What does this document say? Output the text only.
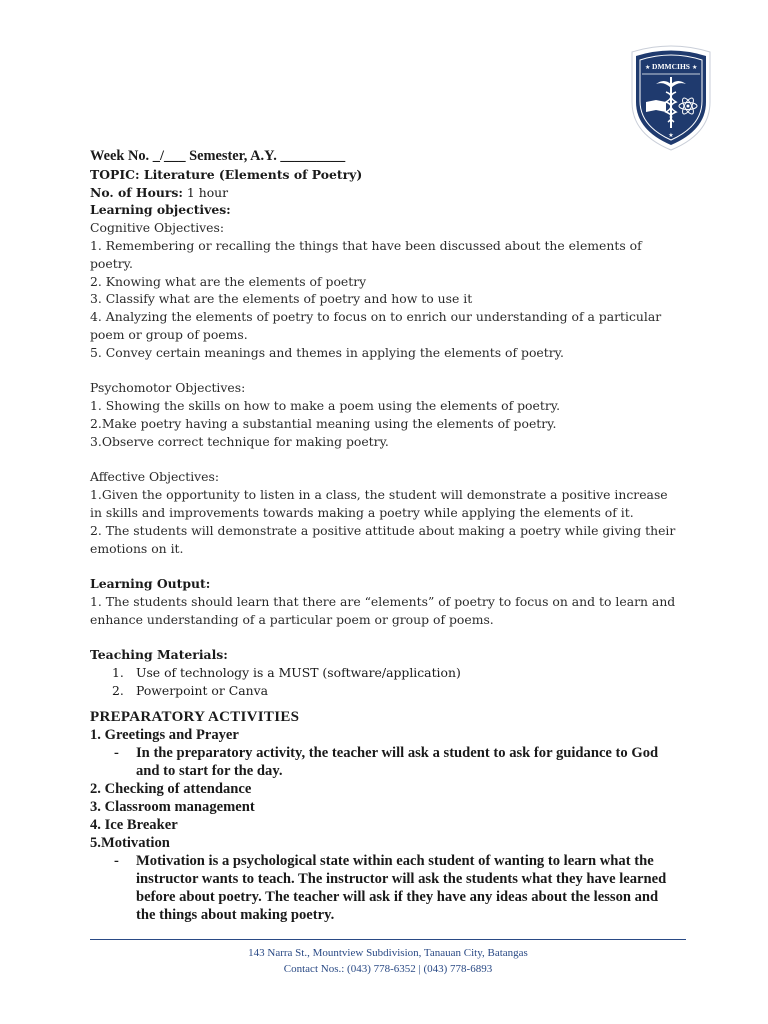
DMMCIHS
★	★
★

Week No. _/___ Semester, A.Y. _________

TOPIC: Literature (Elements of Poetry)

No. of Hours: 1 hour

Learning objectives:

Cognitive Objectives:

1. Remembering or recalling the things that have been discussed about the elements of poetry.

2. Knowing what are the elements of poetry

3. Classify what are the elements of poetry and how to use it

4. Analyzing the elements of poetry to focus on to enrich our understanding of a particular poem or group of poems.

5. Convey certain meanings and themes in applying the elements of poetry.

Psychomotor Objectives:

1. Showing the skills on how to make a poem using the elements of poetry.

2.Make poetry having a substantial meaning using the elements of poetry.

3.Observe correct technique for making poetry.

Affective Objectives:

1.Given the opportunity to listen in a class, the student will demonstrate a positive increase in skills and improvements towards making a poetry while applying the elements of it.

2. The students will demonstrate a positive attitude about making a poetry while giving their emotions on it.

Learning Output:

1. The students should learn that there are “elements” of poetry to focus on and to learn and enhance understanding of a particular poem or group of poems.

Teaching Materials:

1. Use of technology is a MUST (software/application)
2. Powerpoint or Canva

PREPARATORY ACTIVITIES

1. Greetings and Prayer

- In the preparatory activity, the teacher will ask a student to ask for guidance to God and to start for the day.

2. Checking of attendance

3. Classroom management

4. Ice Breaker

5.Motivation

- Motivation is a psychological state within each student of wanting to learn what the instructor wants to teach. The instructor will ask the students what they have learned before about poetry. The teacher will ask if they have any ideas about the lesson and the things about making poetry.

143 Narra St., Mountview Subdivision, Tanauan City, Batangas

Contact Nos.: (043) 778-6352 | (043) 778-6893
